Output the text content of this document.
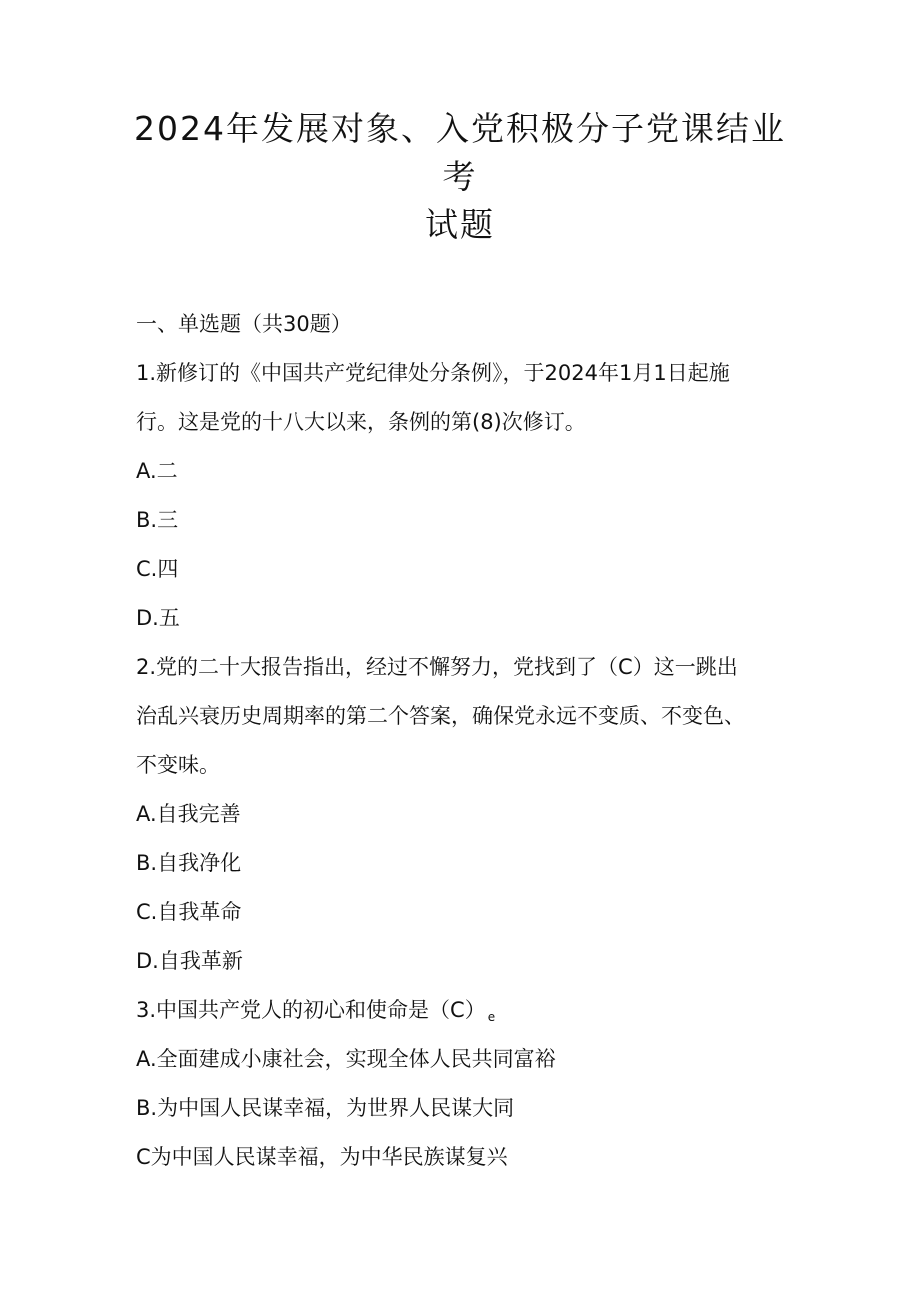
2024年发展对象、入党积极分子党课结业
考
试题
一、单选题（共30题）
1.新修订的《中国共产党纪律处分条例》，于2024年1月1日起施
行。这是党的十八大以来，条例的第(8)次修订。
A.二
B.三
C.四
D.五
2.党的二十大报告指出，经过不懈努力，党找到了（C）这一跳出
治乱兴衰历史周期率的第二个答案，确保党永远不变质、不变色、
不变味。
A.自我完善
B.自我净化
C.自我革命
D.自我革新
3.中国共产党人的初心和使命是（C） e
A.全面建成小康社会，实现全体人民共同富裕
B.为中国人民谋幸福，为世界人民谋大同
C为中国人民谋幸福，为中华民族谋复兴
